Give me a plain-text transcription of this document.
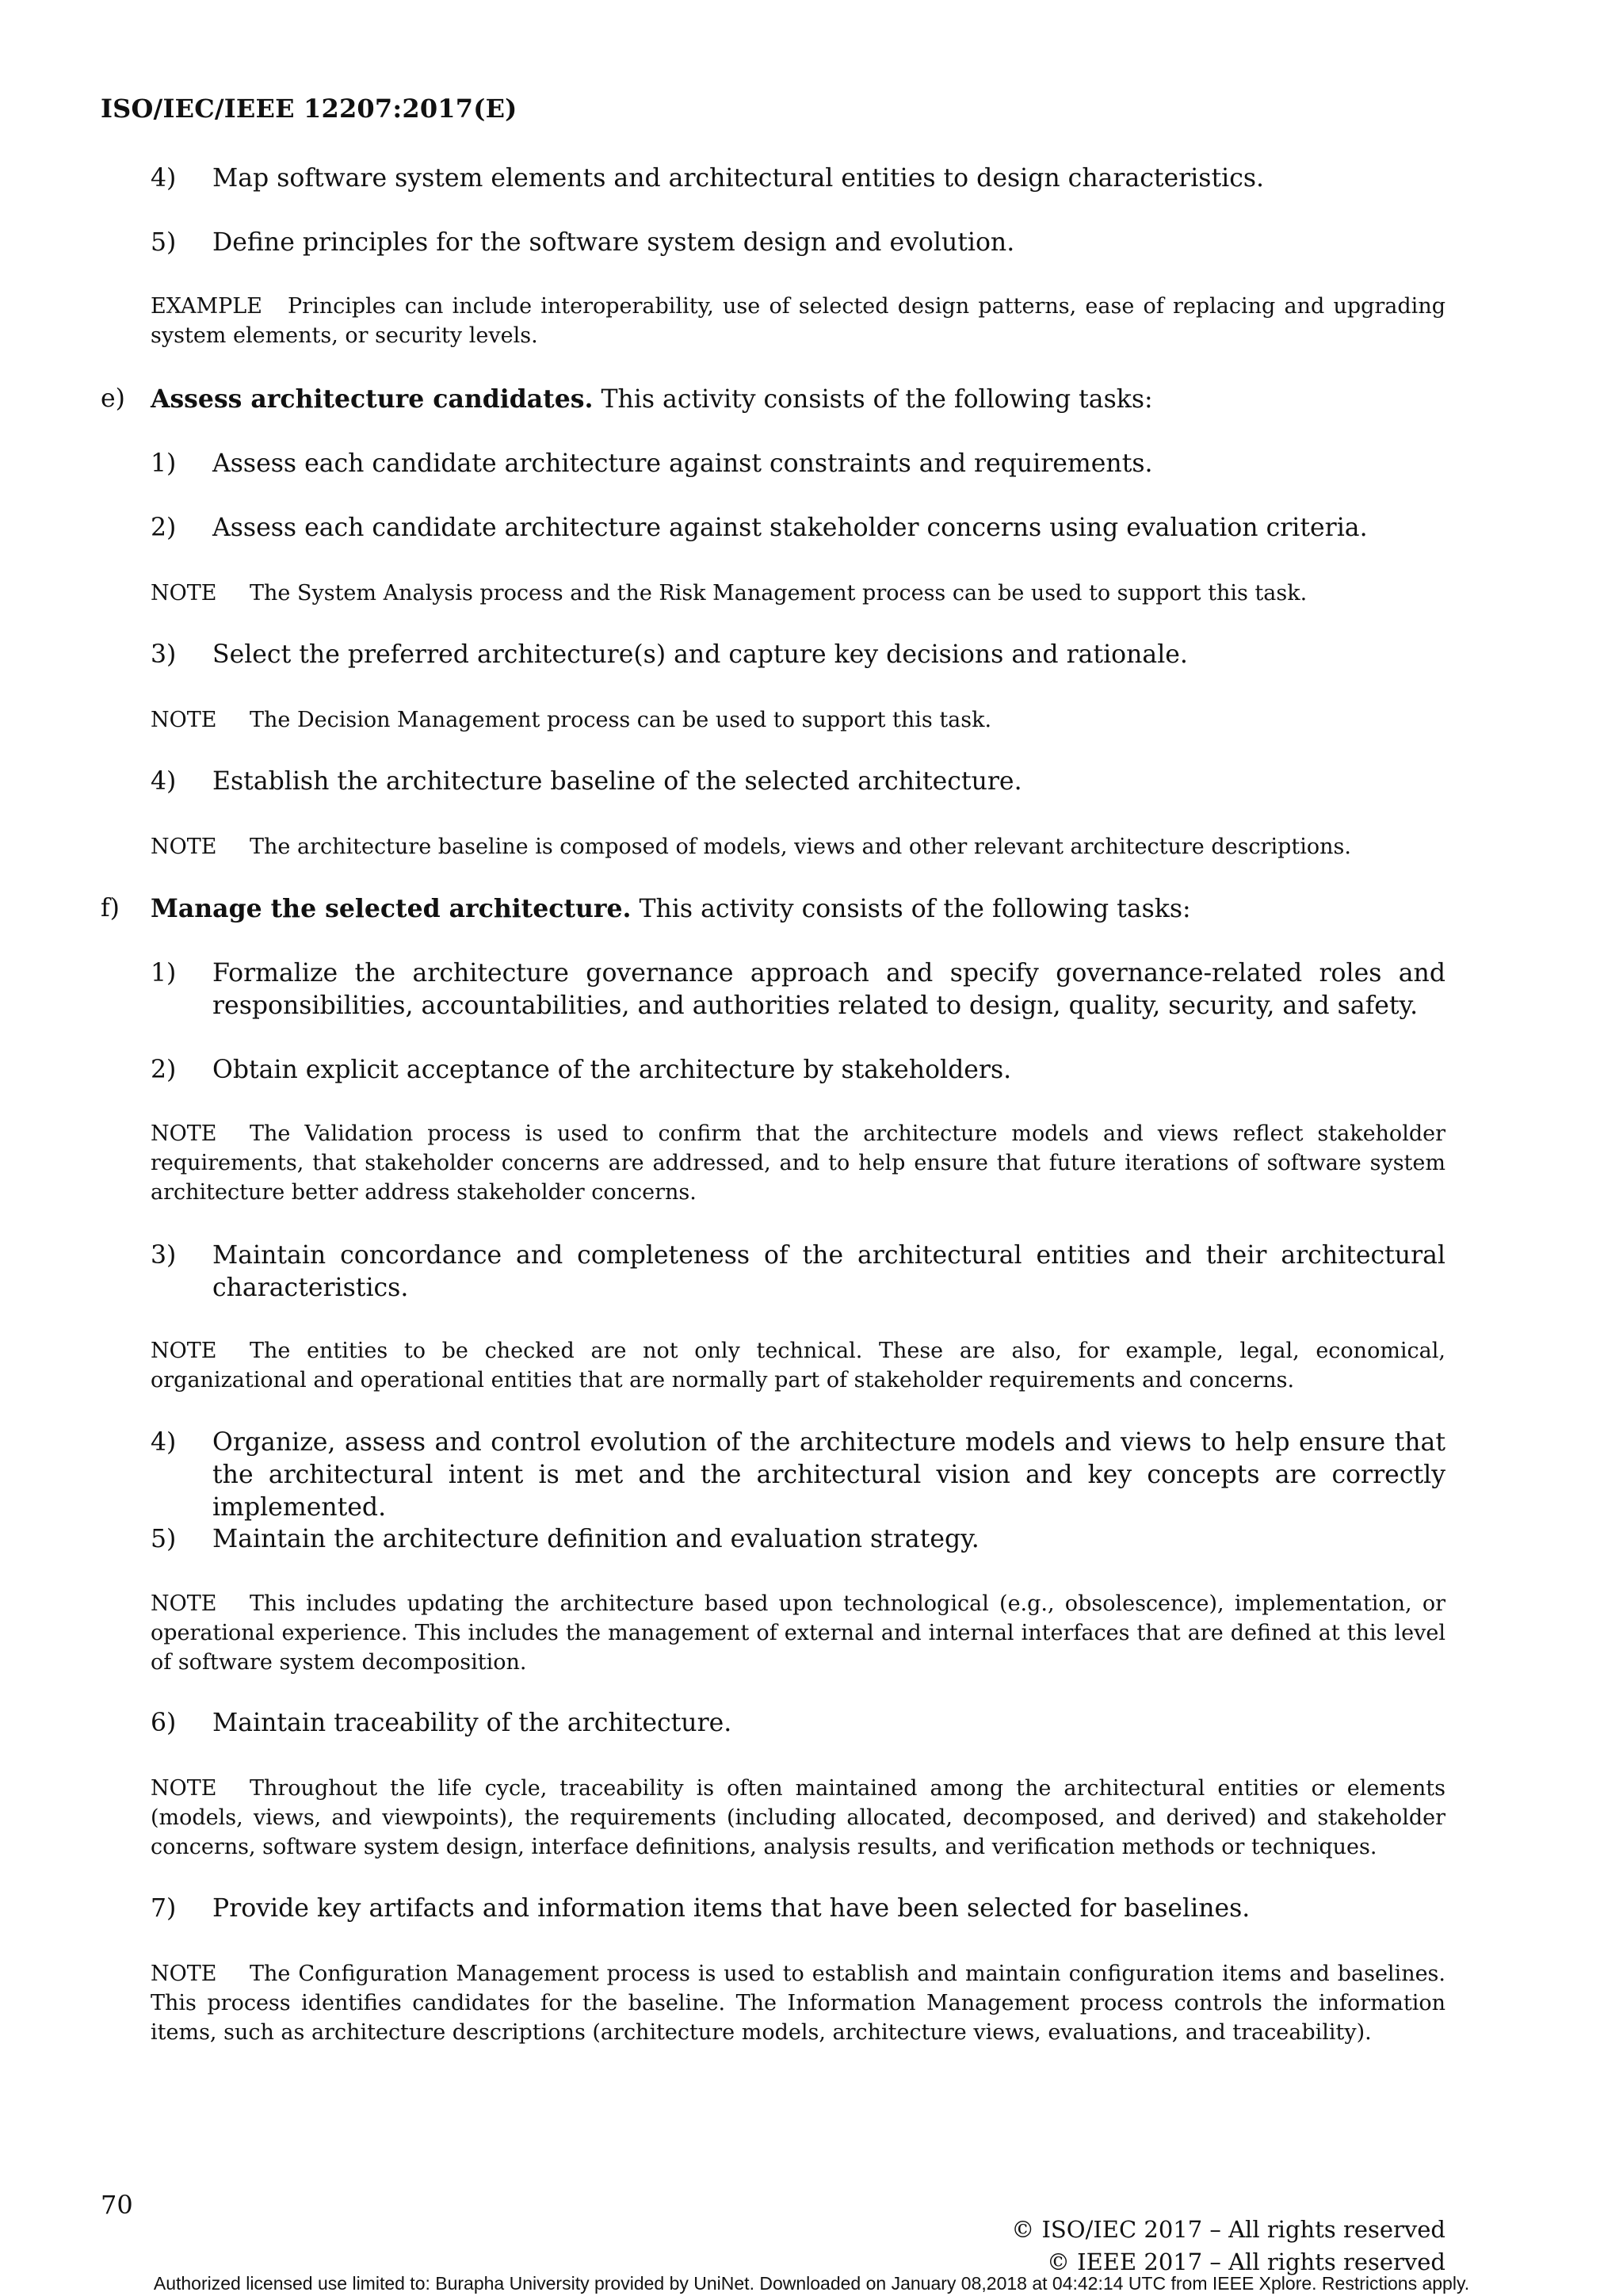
ISO/IEC/IEEE 12207:2017(E)
4) Map software system elements and architectural entities to design characteristics.
5) Define principles for the software system design and evolution.
EXAMPLE Principles can include interoperability, use of selected design patterns, ease of replacing and upgrading system elements, or security levels.
e) Assess architecture candidates. This activity consists of the following tasks:
1) Assess each candidate architecture against constraints and requirements.
2) Assess each candidate architecture against stakeholder concerns using evaluation criteria.
NOTE The System Analysis process and the Risk Management process can be used to support this task.
3) Select the preferred architecture(s) and capture key decisions and rationale.
NOTE The Decision Management process can be used to support this task.
4) Establish the architecture baseline of the selected architecture.
NOTE The architecture baseline is composed of models, views and other relevant architecture descriptions.
f) Manage the selected architecture. This activity consists of the following tasks:
1) Formalize the architecture governance approach and specify governance-related roles and responsibilities, accountabilities, and authorities related to design, quality, security, and safety.
2) Obtain explicit acceptance of the architecture by stakeholders.
NOTE The Validation process is used to confirm that the architecture models and views reflect stakeholder requirements, that stakeholder concerns are addressed, and to help ensure that future iterations of software system architecture better address stakeholder concerns.
3) Maintain concordance and completeness of the architectural entities and their architectural characteristics.
NOTE The entities to be checked are not only technical. These are also, for example, legal, economical, organizational and operational entities that are normally part of stakeholder requirements and concerns.
4) Organize, assess and control evolution of the architecture models and views to help ensure that the architectural intent is met and the architectural vision and key concepts are correctly implemented.
5) Maintain the architecture definition and evaluation strategy.
NOTE This includes updating the architecture based upon technological (e.g., obsolescence), implementation, or operational experience. This includes the management of external and internal interfaces that are defined at this level of software system decomposition.
6) Maintain traceability of the architecture.
NOTE Throughout the life cycle, traceability is often maintained among the architectural entities or elements (models, views, and viewpoints), the requirements (including allocated, decomposed, and derived) and stakeholder concerns, software system design, interface definitions, analysis results, and verification methods or techniques.
7) Provide key artifacts and information items that have been selected for baselines.
NOTE The Configuration Management process is used to establish and maintain configuration items and baselines. This process identifies candidates for the baseline. The Information Management process controls the information items, such as architecture descriptions (architecture models, architecture views, evaluations, and traceability).
70
© ISO/IEC 2017 – All rights reserved
© IEEE 2017 – All rights reserved
Authorized licensed use limited to: Burapha University provided by UniNet. Downloaded on January 08,2018 at 04:42:14 UTC from IEEE Xplore. Restrictions apply.
